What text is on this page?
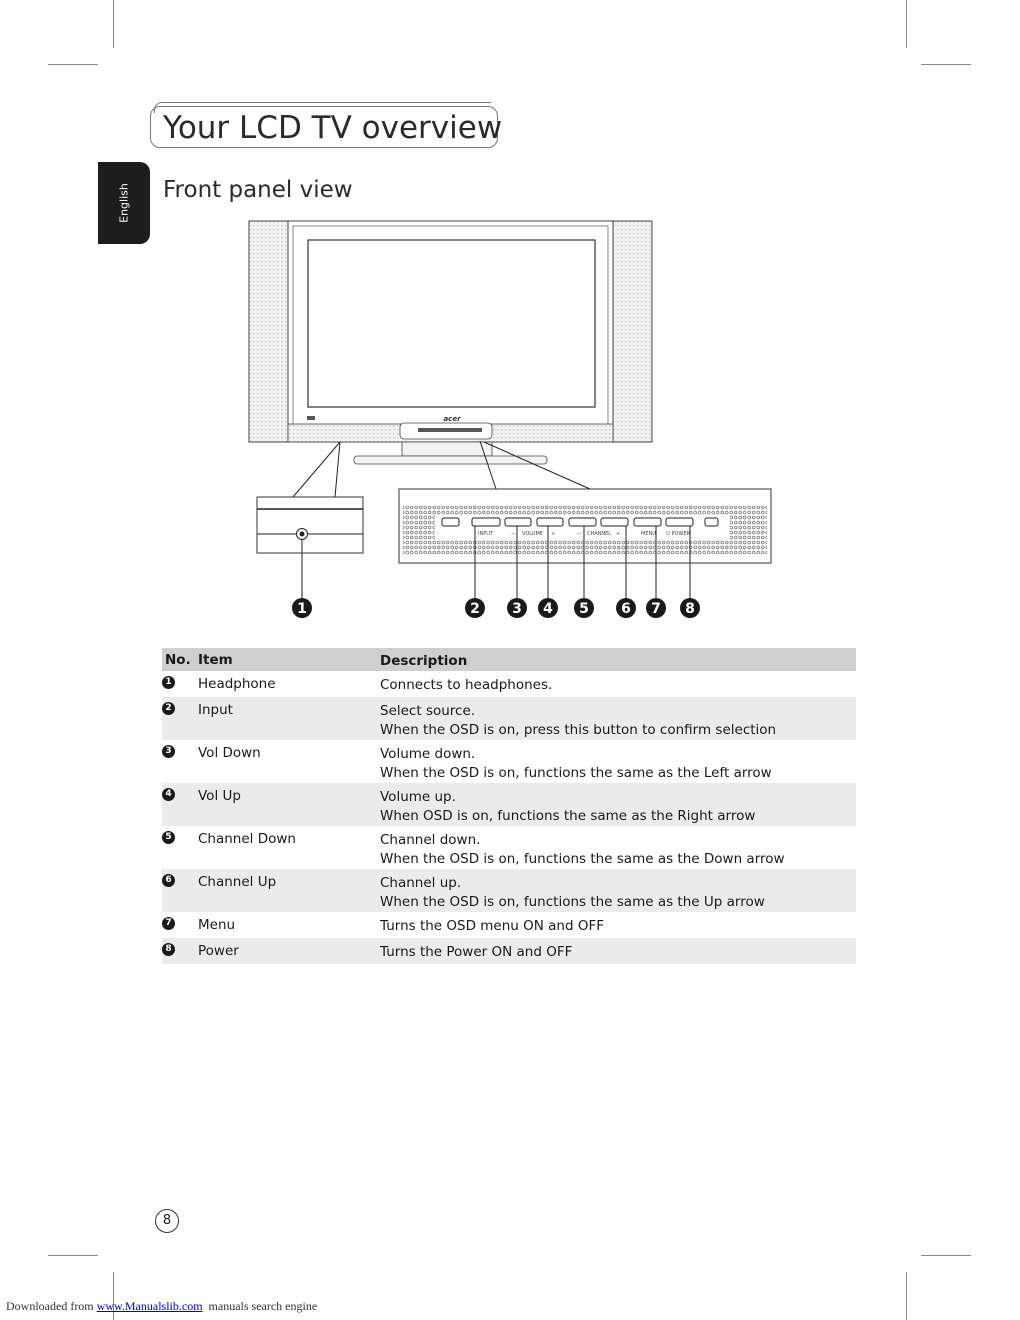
Your LCD TV overview
English Front panel view
acer
INPUT	− VOLUME +	− CHANNEL +	MENU ⏻ POWER
1	2 3 4 5 6 7 8
No. Item	Description
1 Headphone	Connects to headphones.
2 Input	Select source.
When the OSD is on, press this button to confirm selection
3 Vol Down	Volume down.
When the OSD is on, functions the same as the Left arrow
4 Vol Up	Volume up.
When OSD is on, functions the same as the Right arrow
5 Channel Down	Channel down.
When the OSD is on, functions the same as the Down arrow
6 Channel Up	Channel up.
When the OSD is on, functions the same as the Up arrow
7 Menu	Turns the OSD menu ON and OFF
8 Power	Turns the Power ON and OFF
8
Downloaded from www.Manualslib.com  manuals search engine
